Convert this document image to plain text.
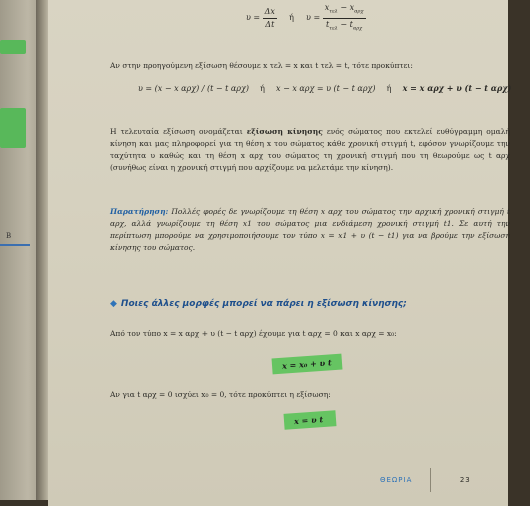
B
$\upsilon = \frac{\Delta x}{\Delta t}$ ή $\upsilon = \frac{x_{\tau\varepsilon\lambda} - x_{\alpha\rho\chi}}{t_{\tau\varepsilon\lambda} - t_{\alpha\rho\chi}}$

Αν στην προηγούμενη εξίσωση θέσουμε x τελ = x και t τελ = t, τότε προκύπτει:

υ = (x − x αρχ) / (t − t αρχ) ή x − x αρχ = υ (t − t αρχ) ή x = x αρχ + υ (t − t αρχ)

Η τελευταία εξίσωση ονομάζεται εξίσωση κίνησης ενός σώματος που εκτελεί ευθύγραμμη ομαλή κίνηση και μας πληροφορεί για τη θέση x του σώματος κάθε χρονική στιγμή t, εφόσον γνωρίζουμε την ταχύτητα υ καθώς και τη θέση x αρχ του σώματος τη χρονική στιγμή που τη θεωρούμε ως t αρχ (συνήθως είναι η χρονική στιγμή που αρχίζουμε να μελετάμε την κίνηση).

Παρατήρηση: Πολλές φορές δε γνωρίζουμε τη θέση x αρχ του σώματος την αρχική χρονική στιγμή t αρχ, αλλά γνωρίζουμε τη θέση x1 του σώματος μια ενδιάμεση χρονική στιγμή t1. Σε αυτή την περίπτωση μπορούμε να χρησιμοποιήσουμε τον τύπο x = x1 + υ (t − t1) για να βρούμε την εξίσωση κίνησης του σώματος.

◆ Ποιες άλλες μορφές μπορεί να πάρει η εξίσωση κίνησης;

Από τον τύπο x = x αρχ + υ (t − t αρχ) έχουμε για t αρχ = 0 και x αρχ = x₀:

x = x₀ + υ t

Αν για t αρχ = 0 ισχύει x₀ = 0, τότε προκύπτει η εξίσωση:

x = υ t
ΘΕΩΡΙΑ	23
